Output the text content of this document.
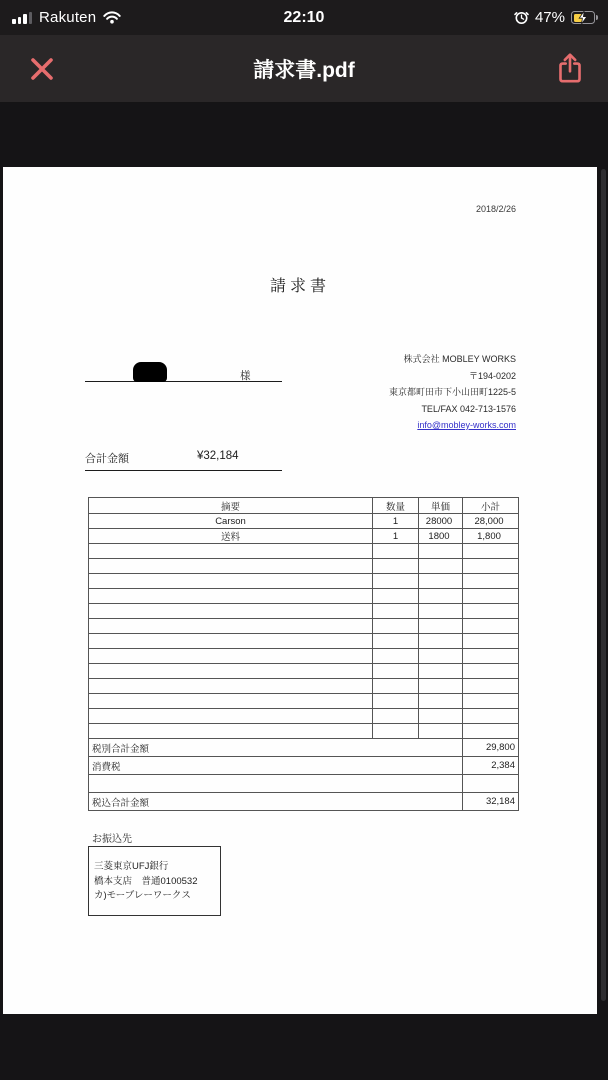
Rakuten	22:10	47%
請求書.pdf
2018/2/26
請求書
様
株式会社 MOBLEY WORKS
〒194-0202
東京都町田市下小山田町1225-5
TEL/FAX 042-713-1576
info@mobley-works.com
合計金額	¥32,184
摘要	数量	単価	小計
Carson	1	28000	28,000
送料	1	1800	1,800

税別合計金額			29,800
消費税			2,384

税込合計金額			32,184
お振込先
三菱東京UFJ銀行
橋本支店　普通0100532
カ)モーブレーワークス
